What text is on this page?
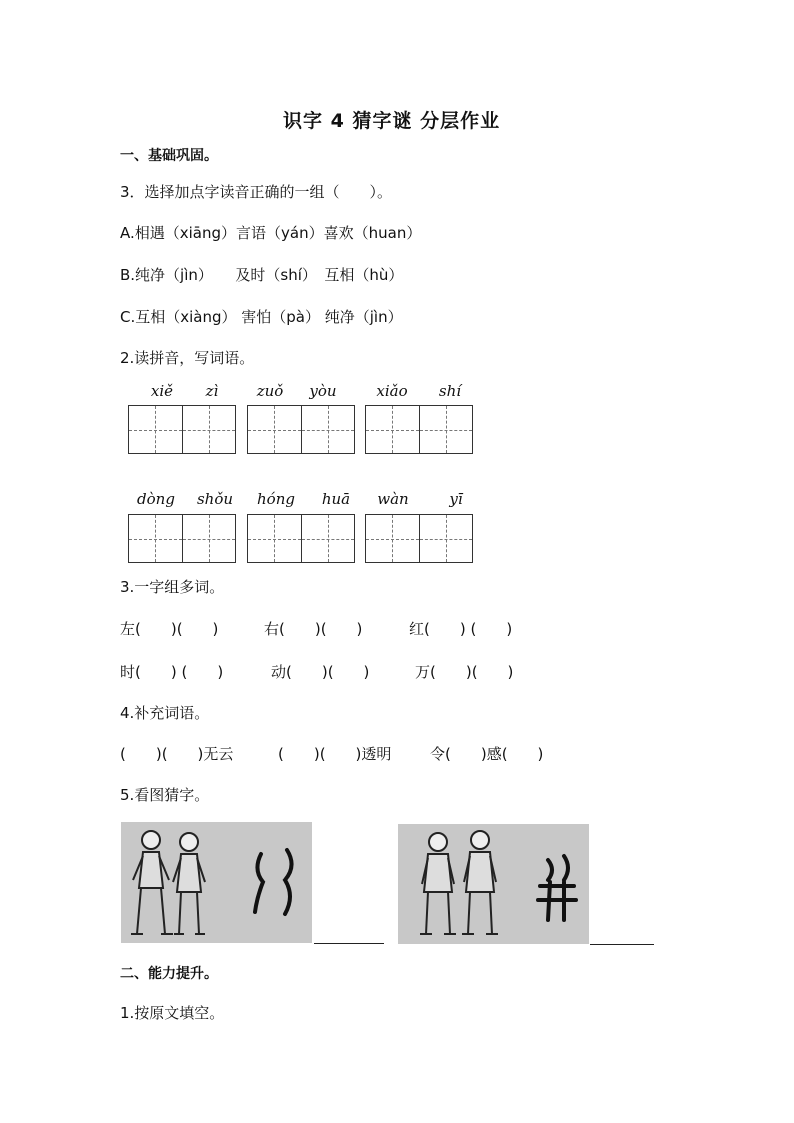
识字 4 猜字谜 分层作业
一、基础巩固。
3．选择加点字读音正确的一组（　　）。
A.相遇（xiāng）言语（yán）喜欢（huan）
B.纯净（jìn）　　及时（shí）　互相（hù）
C.互相（xiàng） 害怕（pà） 纯净（jìn）
2.读拼音，写词语。
xiě	zì	zuǒ	yòu	xiǎo	shí
dòng	shǒu	hóng	huā	wàn	yī
3.一字组多词。
左(　　)(　　)	右(　　)(　　)	红(　　) (　　)
时(　　) (　　)	动(　　)(　　)	万(　　)(　　)
4.补充词语。
(　　)(　　)无云	(　　)(　　)透明	令(　　)感(　　)
5.看图猜字。
二、能力提升。
1.按原文填空。
